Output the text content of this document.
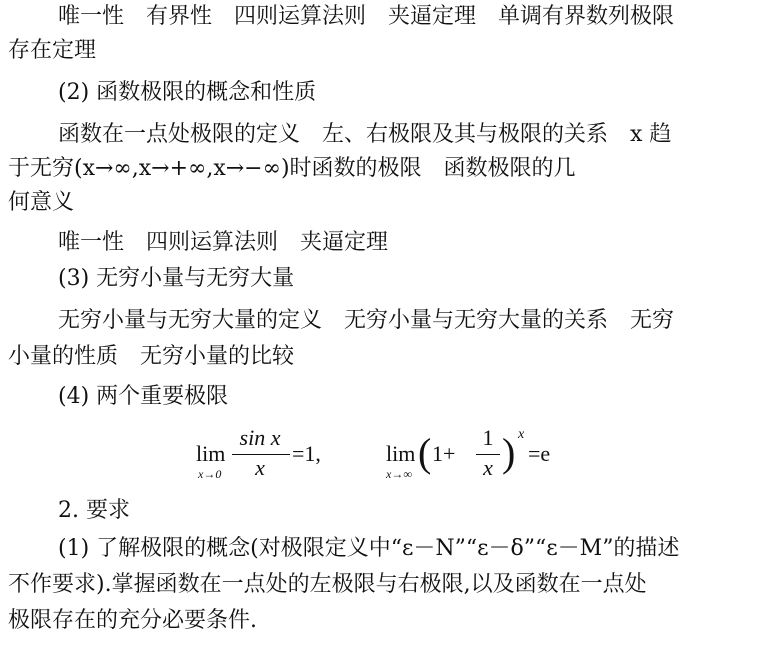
唯一性　有界性　四则运算法则　夹逼定理　单调有界数列极限
存在定理
(2) 函数极限的概念和性质
函数在一点处极限的定义　左、右极限及其与极限的关系　x 趋
于无穷(x→∞,x→+∞,x→−∞)时函数的极限　函数极限的几
何意义
唯一性　四则运算法则　夹逼定理
(3) 无穷小量与无穷大量
无穷小量与无穷大量的定义　无穷小量与无穷大量的关系　无穷
小量的性质　无穷小量的比较
(4) 两个重要极限
lim
x→0
sin x
x
=1,	lim
x→∞ ( 1+
1
x ) x
=e
2. 要求
(1) 了解极限的概念(对极限定义中“ε－N”“ε－δ”“ε－M”的描述
不作要求).掌握函数在一点处的左极限与右极限,以及函数在一点处
极限存在的充分必要条件.
